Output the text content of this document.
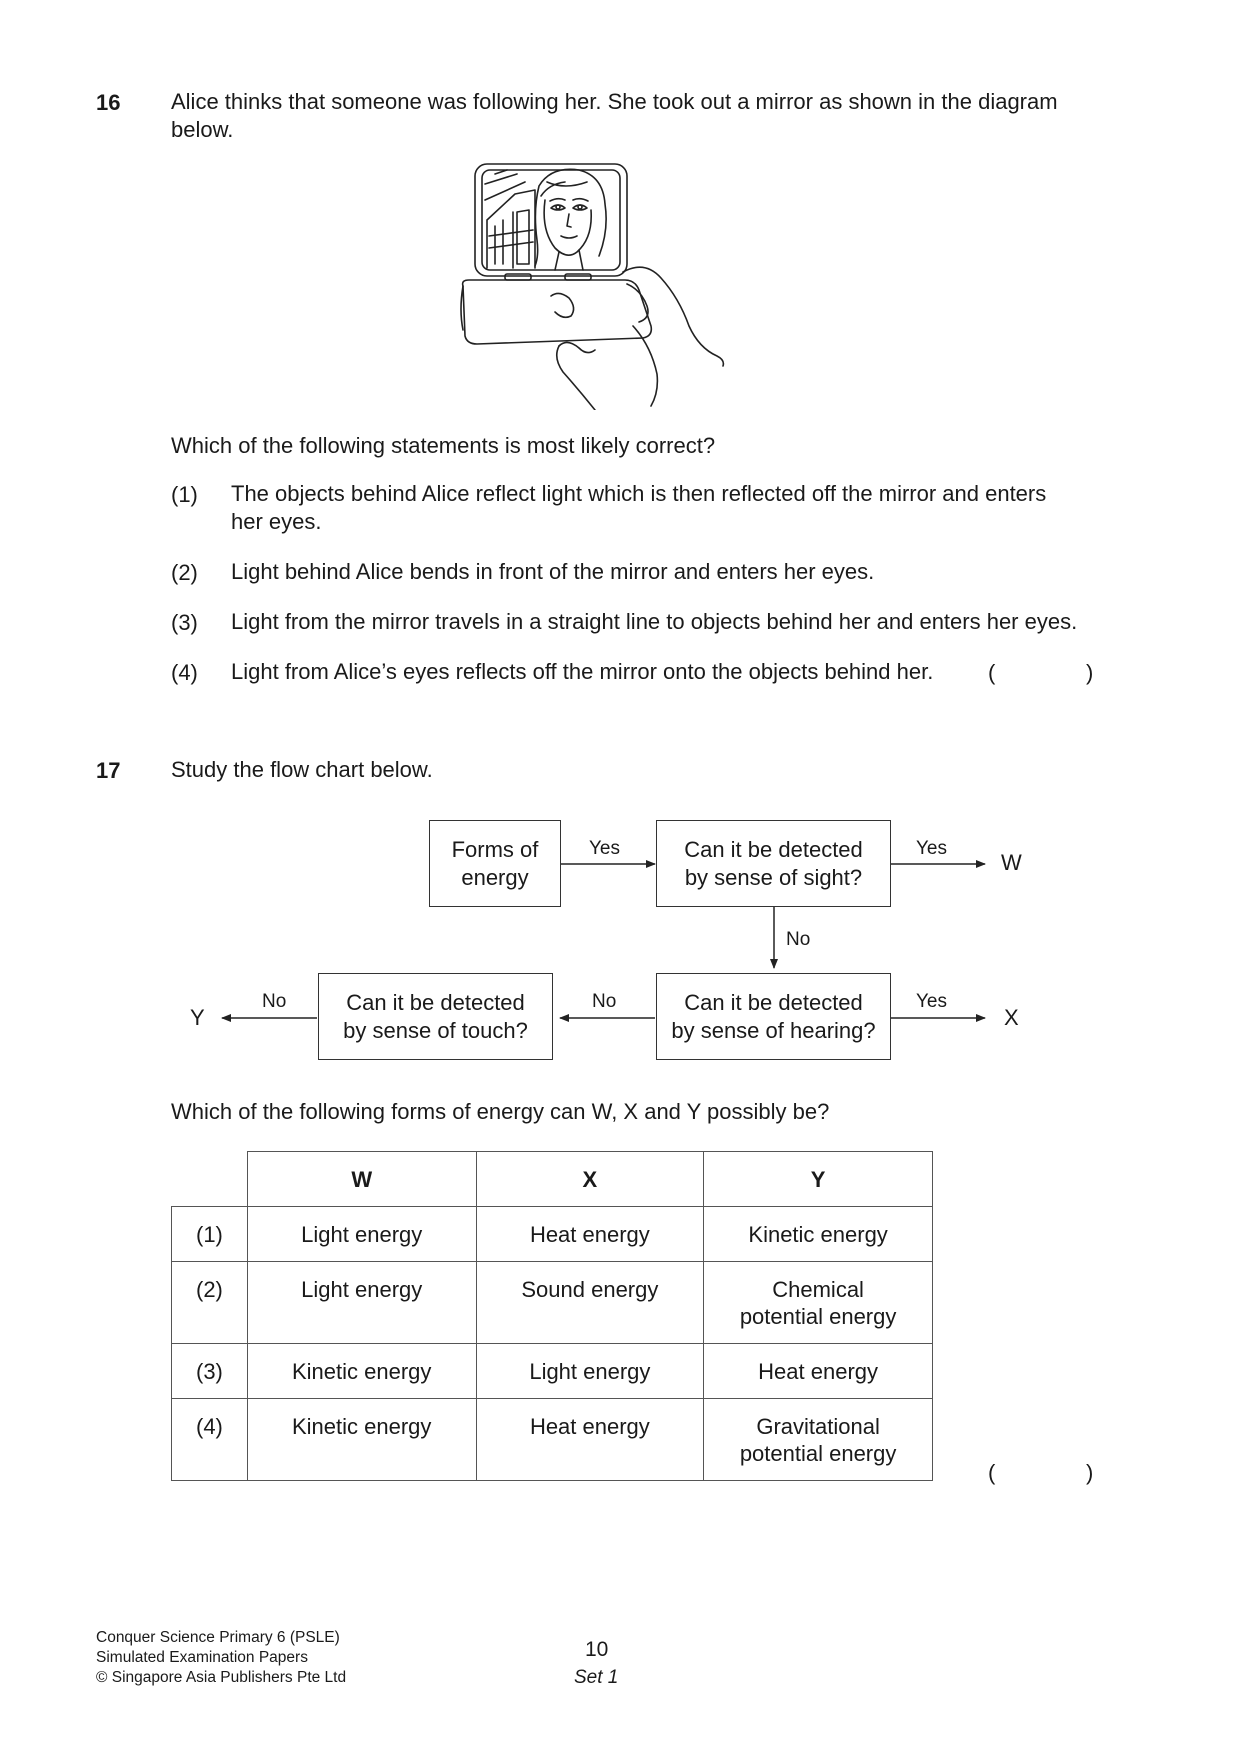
16 Alice thinks that someone was following her. She took out a mirror as shown in the diagram
below.
Which of the following statements is most likely correct?
(1) The objects behind Alice reflect light which is then reflected off the mirror and enters
her eyes.
(2) Light behind Alice bends in front of the mirror and enters her eyes.
(3) Light from the mirror travels in a straight line to objects behind her and enters her eyes.
(4) Light from Alice’s eyes reflects off the mirror onto the objects behind her. (	)
17 Study the flow chart below.
Forms of
energy
Can it be detected
by sense of sight?
Can it be detected
by sense of hearing?
Can it be detected
by sense of touch?
Yes	Yes
No
Yes
No
No
W
X
Y
Which of the following forms of energy can W, X and Y possibly be?
	W	X	Y
(1)	Light energy	Heat energy	Kinetic energy
(2)	Light energy	Sound energy	Chemical
potential energy

(3)	Kinetic energy	Light energy	Heat energy
(4)	Kinetic energy	Heat energy	Gravitational
potential energy
(	)
Conquer Science Primary 6 (PSLE)
Simulated Examination Papers
© Singapore Asia Publishers Pte Ltd
10
Set 1
